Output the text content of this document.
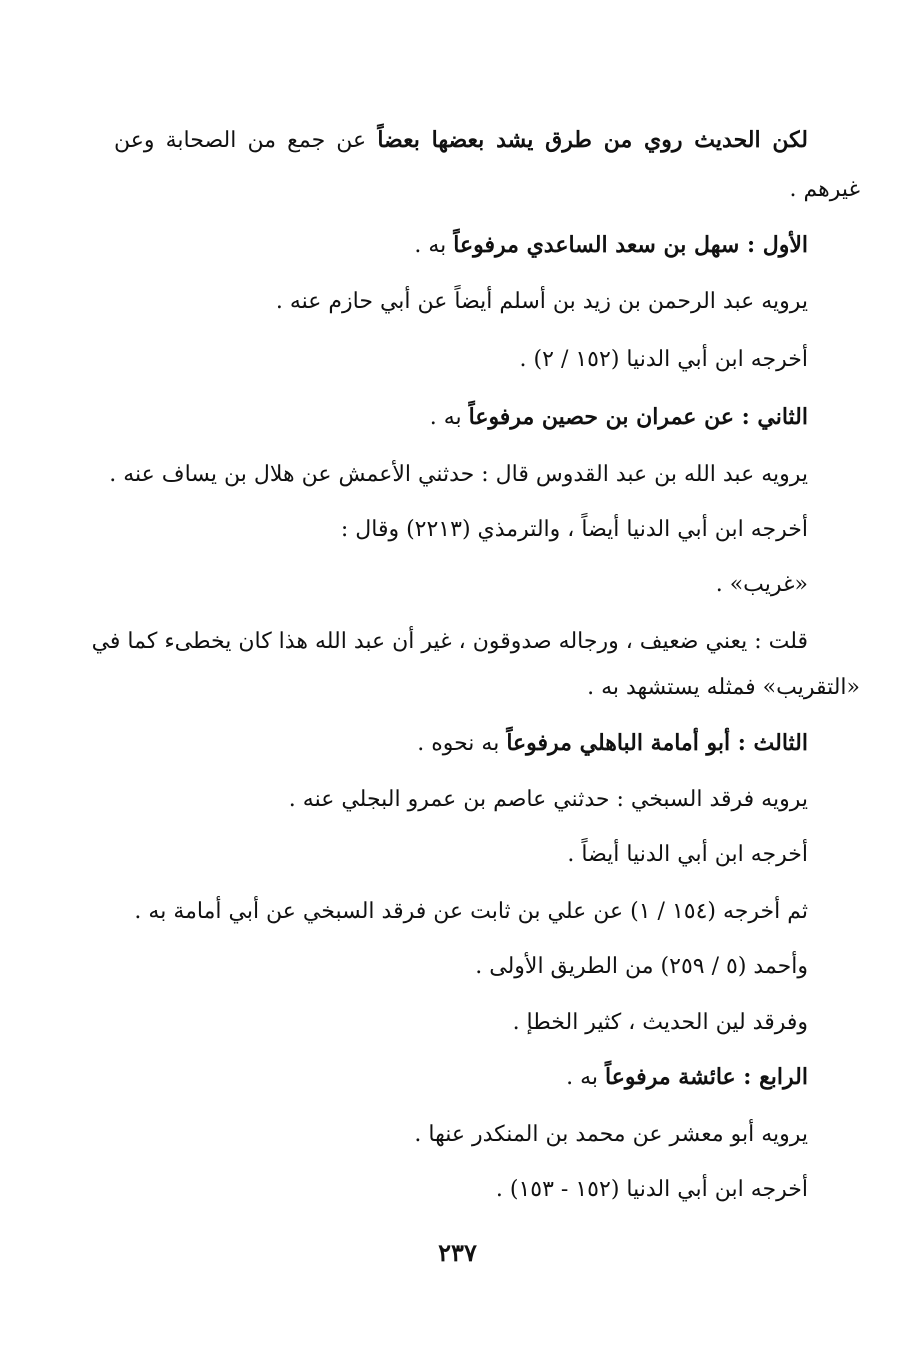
لكن الحديث روي من طرق يشد بعضها بعضاً عن جمع من الصحابة وعن

غيرهم .

الأول : سهل بن سعد الساعدي مرفوعاً به .

يرويه عبد الرحمن بن زيد بن أسلم أيضاً عن أبي حازم عنه .

أخرجه ابن أبي الدنيا (١٥٢ / ٢) .

الثاني : عن عمران بن حصين مرفوعاً به .

يرويه عبد الله بن عبد القدوس قال : حدثني الأعمش عن هلال بن يساف عنه .

أخرجه ابن أبي الدنيا أيضاً ، والترمذي (٢٢١٣) وقال :

«غريب» .

قلت : يعني ضعيف ، ورجاله صدوقون ، غير أن عبد الله هذا كان يخطىء كما في

«التقريب» فمثله يستشهد به .

الثالث : أبو أمامة الباهلي مرفوعاً به نحوه .

يرويه فرقد السبخي : حدثني عاصم بن عمرو البجلي عنه .

أخرجه ابن أبي الدنيا أيضاً .

ثم أخرجه (١٥٤ / ١) عن علي بن ثابت عن فرقد السبخي عن أبي أمامة به .

وأحمد (٥ / ٢٥٩) من الطريق الأولى .

وفرقد لين الحديث ، كثير الخطإ .

الرابع : عائشة مرفوعاً به .

يرويه أبو معشر عن محمد بن المنكدر عنها .

أخرجه ابن أبي الدنيا (١٥٢ - ١٥٣) .

٢٣٧
